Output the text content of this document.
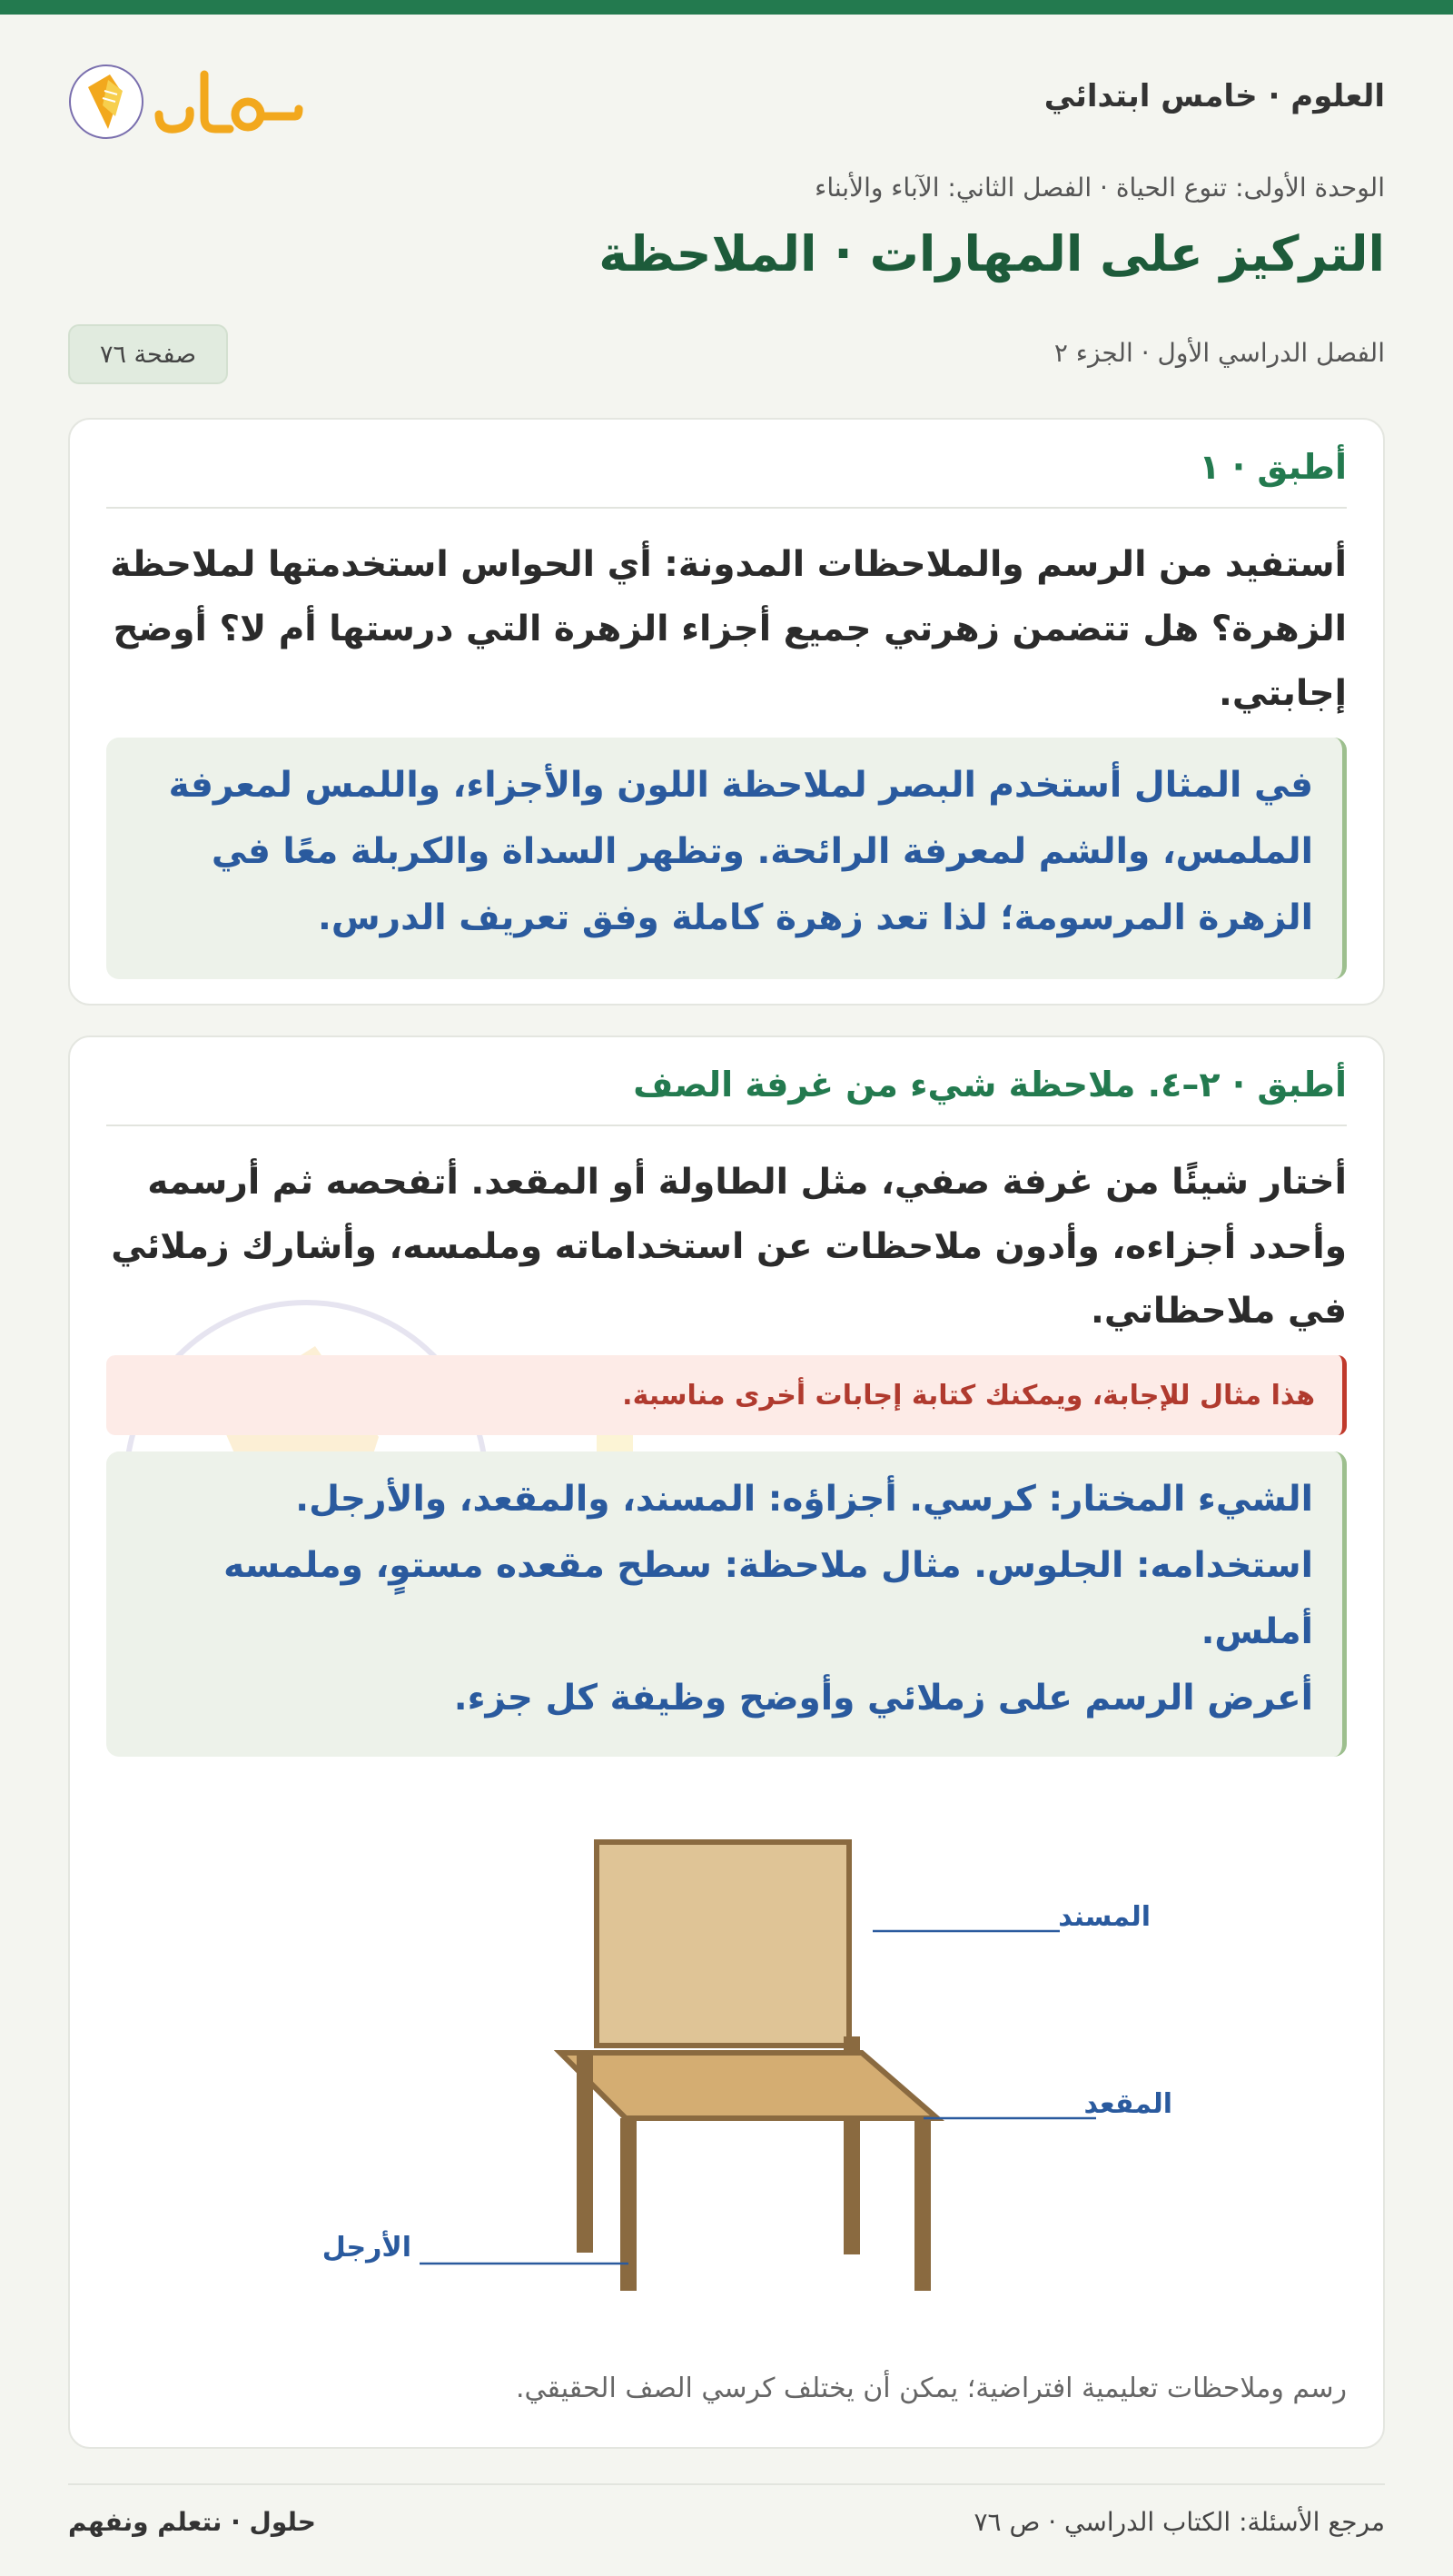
العلوم · خامس ابتدائي
الوحدة الأولى: تنوع الحياة · الفصل الثاني: الآباء والأبناء
التركيز على المهارات · الملاحظة
الفصل الدراسي الأول · الجزء ٢
صفحة ٧٦
أطبق · ١
أستفيد من الرسم والملاحظات المدونة: أي الحواس استخدمتها لملاحظة الزهرة؟ هل تتضمن زهرتي جميع أجزاء الزهرة التي درستها أم لا؟ أوضح إجابتي.
في المثال أستخدم البصر لملاحظة اللون والأجزاء، واللمس لمعرفة الملمس، والشم لمعرفة الرائحة. وتظهر السداة والكربلة معًا في الزهرة المرسومة؛ لذا تعد زهرة كاملة وفق تعريف الدرس.
أطبق · ٢–٤. ملاحظة شيء من غرفة الصف
أختار شيئًا من غرفة صفي، مثل الطاولة أو المقعد. أتفحصه ثم أرسمه وأحدد أجزاءه، وأدون ملاحظات عن استخداماته وملمسه، وأشارك زملائي في ملاحظاتي.
هذا مثال للإجابة، ويمكنك كتابة إجابات أخرى مناسبة.
الشيء المختار: كرسي. أجزاؤه: المسند، والمقعد، والأرجل.
استخدامه: الجلوس. مثال ملاحظة: سطح مقعده مستوٍ، وملمسه أملس.
أعرض الرسم على زملائي وأوضح وظيفة كل جزء.
المسند
المقعد
الأرجل
رسم وملاحظات تعليمية افتراضية؛ يمكن أن يختلف كرسي الصف الحقيقي.
مرجع الأسئلة: الكتاب الدراسي · ص ٧٦
حلول · نتعلم ونفهم
